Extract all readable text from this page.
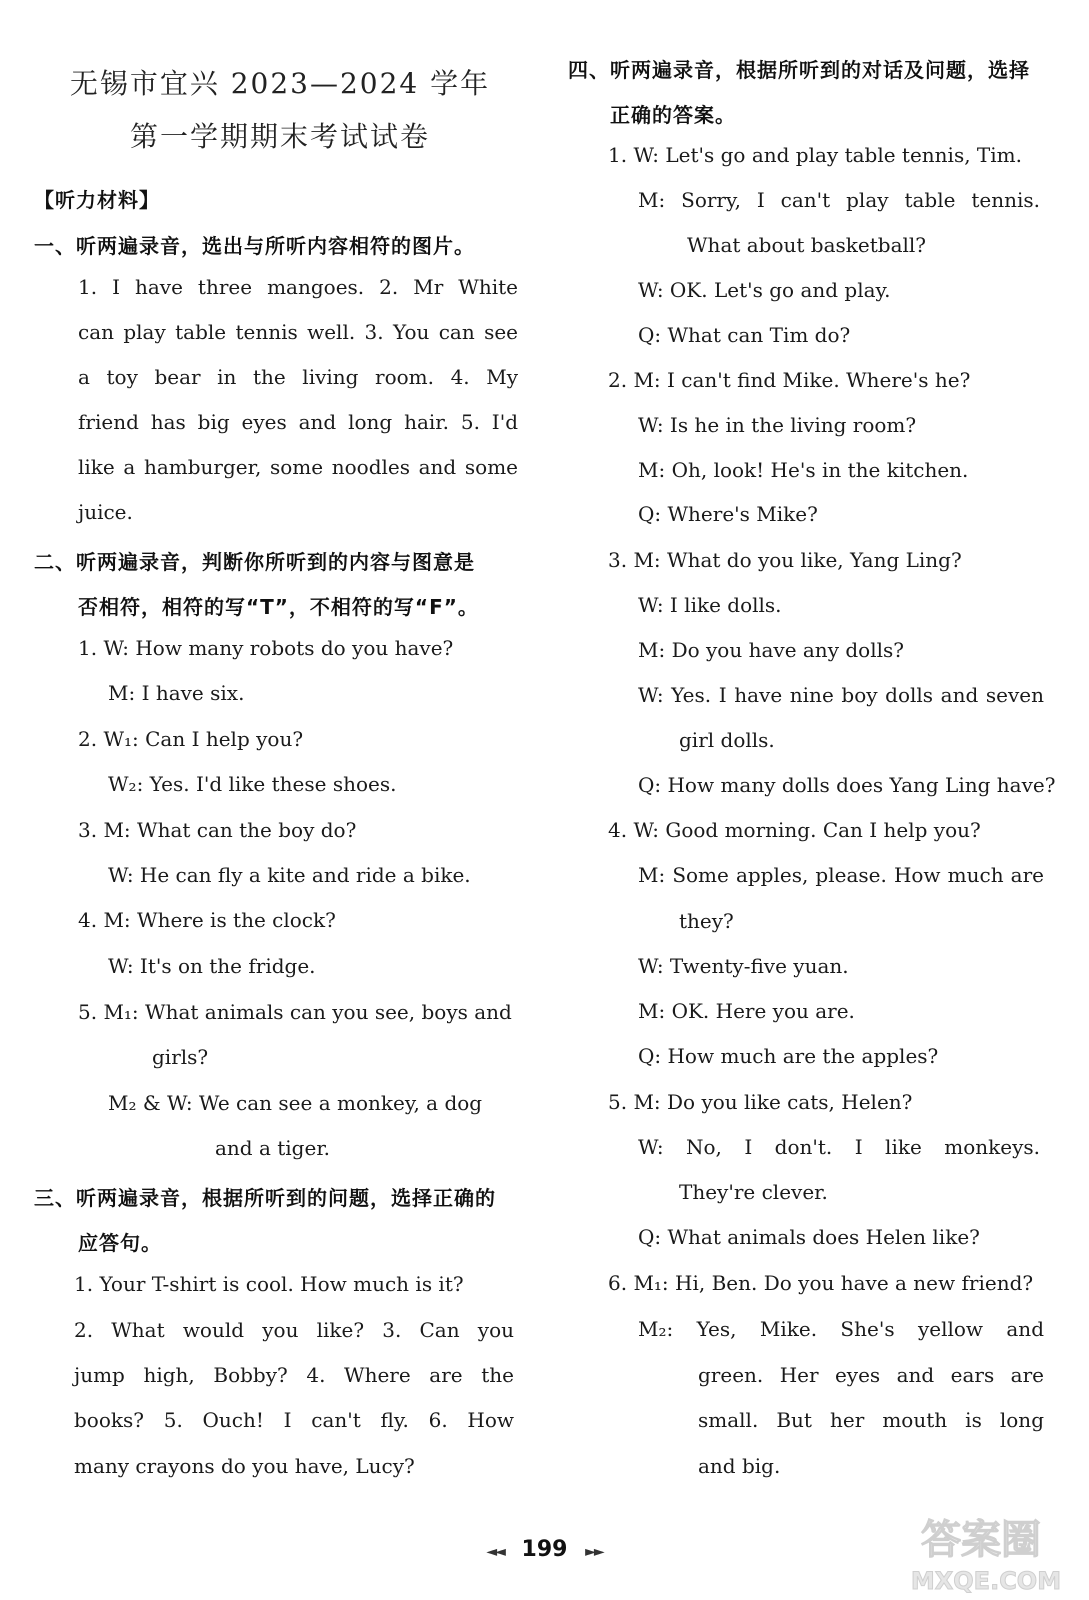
无锡市宜兴 2023—2024 学年
第一学期期末考试试卷
【听力材料】
一、听两遍录音，选出与所听内容相符的图片。
1. I have three mangoes. 2. Mr White
can play table tennis well. 3. You can see
a toy bear in the living room. 4. My
friend has big eyes and long hair. 5. I'd
like a hamburger, some noodles and some
juice.
二、听两遍录音，判断你所听到的内容与图意是
否相符，相符的写“T”，不相符的写“F”。
1. W: How many robots do you have?
M: I have six.
2. W₁: Can I help you?
W₂: Yes. I'd like these shoes.
3. M: What can the boy do?
W: He can fly a kite and ride a bike.
4. M: Where is the clock?
W: It's on the fridge.
5. M₁: What animals can you see, boys and
girls?
M₂ & W: We can see a monkey, a dog
and a tiger.
三、听两遍录音，根据所听到的问题，选择正确的
应答句。
1. Your T-shirt is cool. How much is it?
2. What would you like? 3. Can you
jump high, Bobby? 4. Where are the
books? 5. Ouch! I can't fly. 6. How
many crayons do you have, Lucy?
四、听两遍录音，根据所听到的对话及问题，选择
正确的答案。
1. W: Let's go and play table tennis, Tim.
M: Sorry, I can't play table tennis.
What about basketball?
W: OK. Let's go and play.
Q: What can Tim do?
2. M: I can't find Mike. Where's he?
W: Is he in the living room?
M: Oh, look! He's in the kitchen.
Q: Where's Mike?
3. M: What do you like, Yang Ling?
W: I like dolls.
M: Do you have any dolls?
W: Yes. I have nine boy dolls and seven
girl dolls.
Q: How many dolls does Yang Ling have?
4. W: Good morning. Can I help you?
M: Some apples, please. How much are
they?
W: Twenty-five yuan.
M: OK. Here you are.
Q: How much are the apples?
5. M: Do you like cats, Helen?
W: No, I don't. I like monkeys.
They're clever.
Q: What animals does Helen like?
6. M₁: Hi, Ben. Do you have a new friend?
M₂: Yes, Mike. She's yellow and
green. Her eyes and ears are
small. But her mouth is long
and big.
◄◄ 199 ►►	答案圈
MXQE.COM
